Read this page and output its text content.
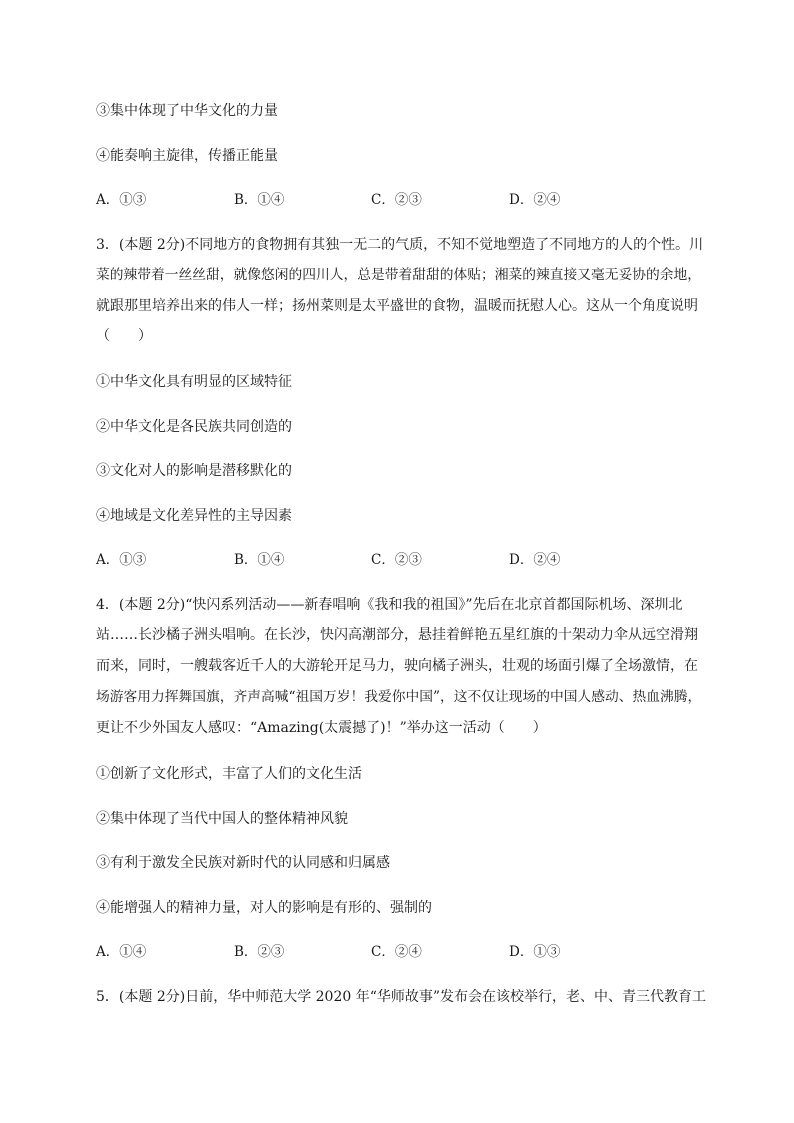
③集中体现了中华文化的力量
④能奏响主旋律，传播正能量
A．①③	B．①④	C．②③	D．②④
3．(本题 2分)不同地方的食物拥有其独一无二的气质，不知不觉地塑造了不同地方的人的个性。川
菜的辣带着一丝丝甜，就像悠闲的四川人，总是带着甜甜的体贴；湘菜的辣直接又毫无妥协的余地，
就跟那里培养出来的伟人一样；扬州菜则是太平盛世的食物，温暖而抚慰人心。这从一个角度说明
（　　）
①中华文化具有明显的区域特征
②中华文化是各民族共同创造的
③文化对人的影响是潜移默化的
④地域是文化差异性的主导因素
A．①③	B．①④	C．②③	D．②④
4．(本题 2分)“快闪系列活动——新春唱响《我和我的祖国》”先后在北京首都国际机场、深圳北
站……长沙橘子洲头唱响。在长沙，快闪高潮部分，悬挂着鲜艳五星红旗的十架动力伞从远空滑翔
而来，同时，一艘载客近千人的大游轮开足马力，驶向橘子洲头，壮观的场面引爆了全场激情，在
场游客用力挥舞国旗，齐声高喊“祖国万岁！我爱你中国”，这不仅让现场的中国人感动、热血沸腾，
更让不少外国友人感叹：“Amazing(太震撼了)！”举办这一活动（　　）
①创新了文化形式，丰富了人们的文化生活
②集中体现了当代中国人的整体精神风貌
③有利于激发全民族对新时代的认同感和归属感
④能增强人的精神力量，对人的影响是有形的、强制的
A．①④	B．②③	C．②④	D．①③
5．(本题 2分)日前，华中师范大学 2020 年“华师故事”发布会在该校举行，老、中、青三代教育工
